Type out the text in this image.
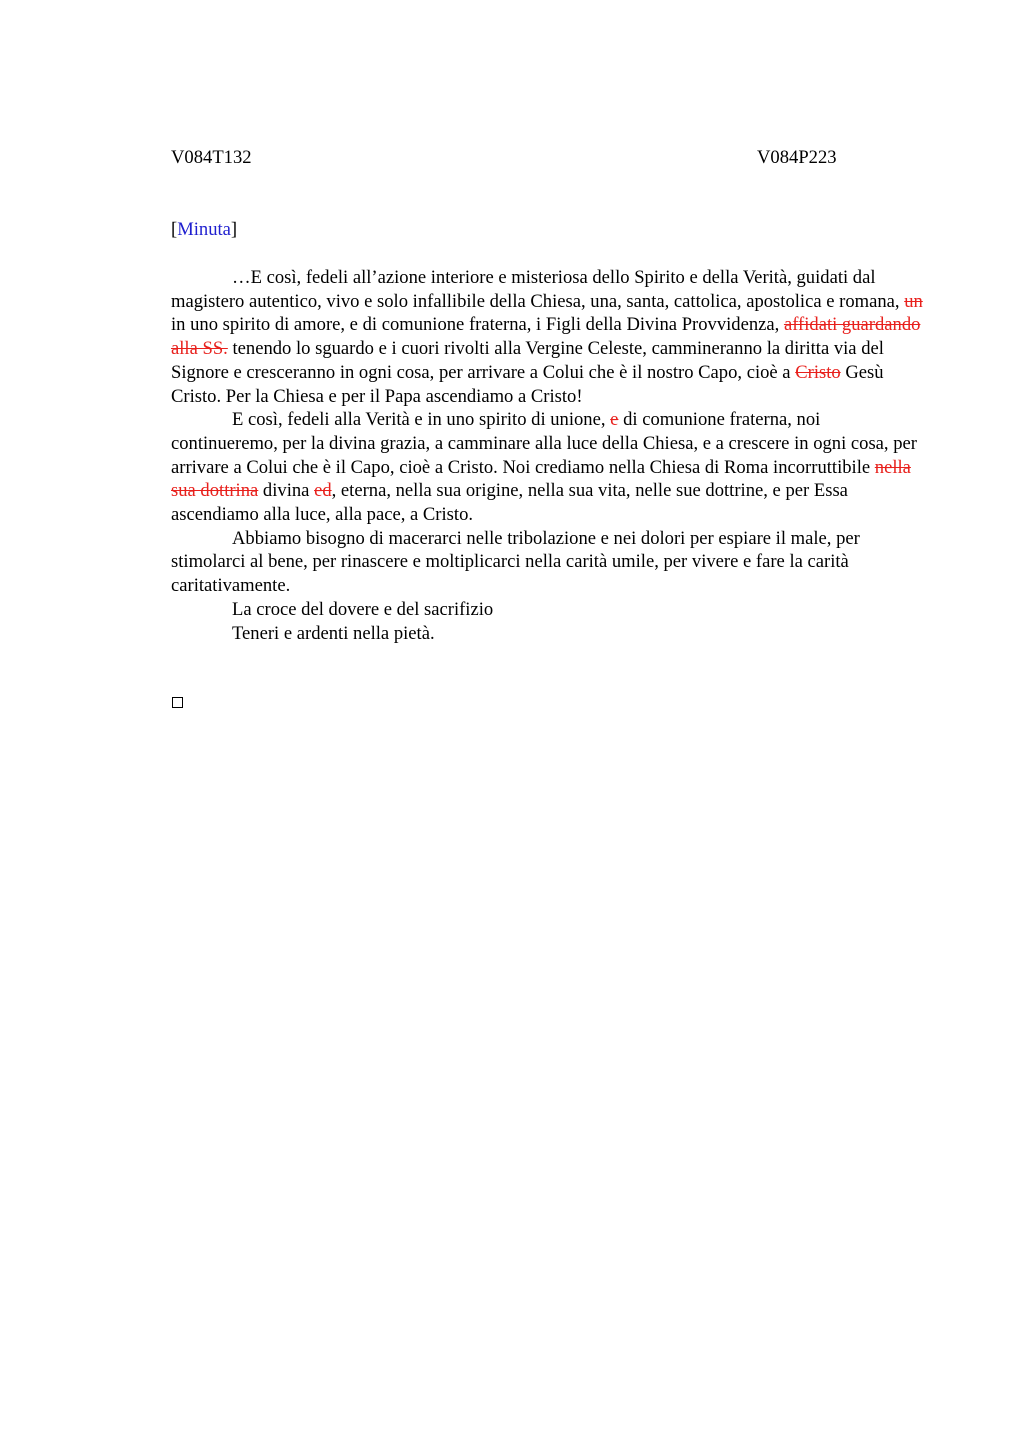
V084T132	V084P223
[Minuta]

…E così, fedeli all’azione interiore e misteriosa dello Spirito e della Verità, guidati dal magistero autentico, vivo e solo infallibile della Chiesa, una, santa, cattolica, apostolica e romana, un in uno spirito di amore, e di comunione fraterna, i Figli della Divina Provvidenza, affidati guardando alla SS. tenendo lo sguardo e i cuori rivolti alla Vergine Celeste, cammineranno la diritta via del Signore e cresceranno in ogni cosa, per arrivare a Colui che è il nostro Capo, cioè a Cristo Gesù Cristo. Per la Chiesa e per il Papa ascendiamo a Cristo!

E così, fedeli alla Verità e in uno spirito di unione, e di comunione fraterna, noi continueremo, per la divina grazia, a camminare alla luce della Chiesa, e a crescere in ogni cosa, per arrivare a Colui che è il Capo, cioè a Cristo. Noi crediamo nella Chiesa di Roma incorruttibile nella sua dottrina divina ed, eterna, nella sua origine, nella sua vita, nelle sue dottrine, e per Essa ascendiamo alla luce, alla pace, a Cristo.

Abbiamo bisogno di macerarci nelle tribolazione e nei dolori per espiare il male, per stimolarci al bene, per rinascere e moltiplicarci nella carità umile, per vivere e fare la carità caritativamente.

La croce del dovere e del sacrifizio

Teneri e ardenti nella pietà.
